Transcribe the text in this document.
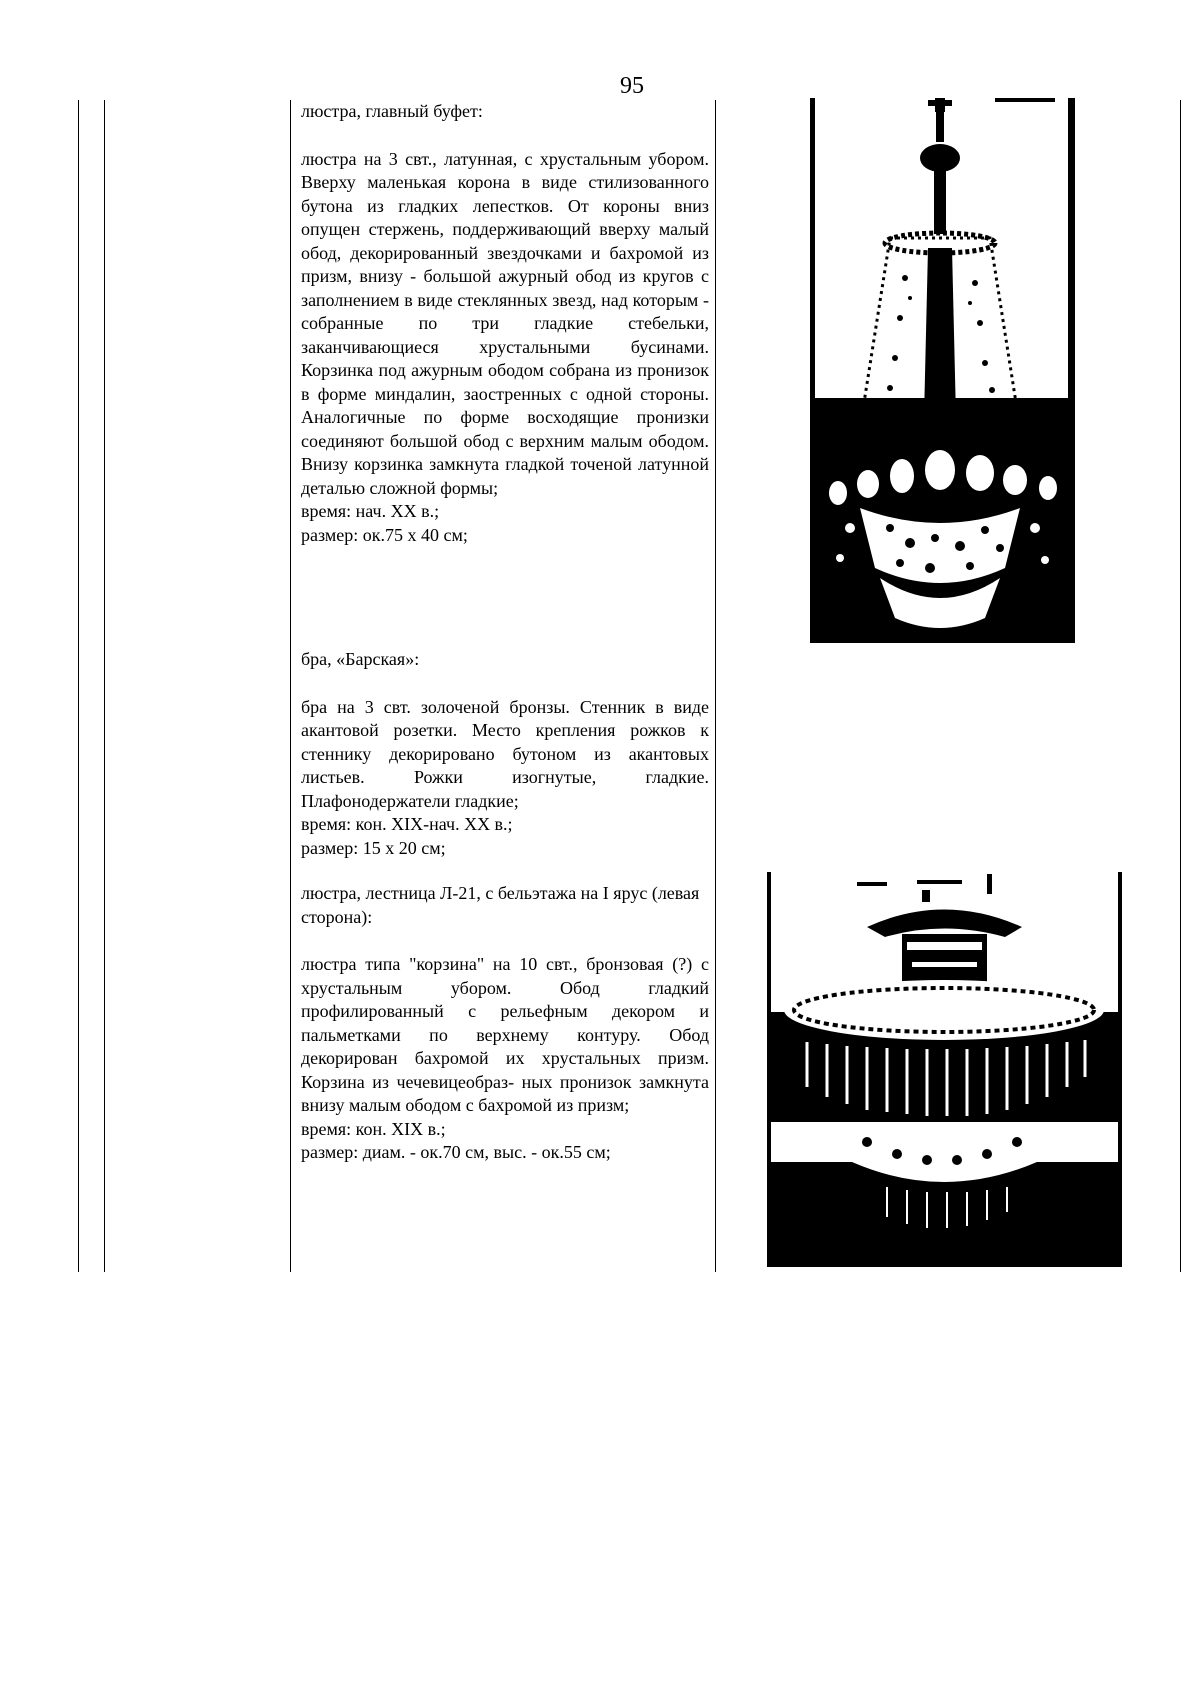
95

люстра, главный буфет:

люстра на 3 свт., латунная, с хрустальным убором. Вверху маленькая корона в виде стилизованного бутона из гладких лепестков. От короны вниз опущен стержень, поддерживающий вверху малый обод, декорированный звездочками и бахромой из призм, внизу - большой ажурный обод из кругов с заполнением в виде стеклянных звезд, над которым - собранные по три гладкие стебельки, заканчивающиеся хрустальными бусинами. Корзинка под ажурным ободом собрана из пронизок в форме миндалин, заостренных с одной стороны. Аналогичные по форме восходящие пронизки соединяют большой обод с верхним малым ободом. Внизу корзинка замкнута гладкой точеной латунной деталью сложной формы;

время: нач. XX в.;

размер: ок.75 х 40 см;

бра, «Барская»:

бра на 3 свт. золоченой бронзы. Стенник в виде акантовой розетки. Место крепления рожков к стеннику декорировано бутоном из акантовых листьев. Рожки изогнутые, гладкие. Плафонодержатели гладкие;

время: кон. XIX-нач. XX в.;

размер: 15 х 20 см;

люстра, лестница Л-21, с бельэтажа на I ярус (левая сторона):

люстра типа "корзина" на 10 свт., бронзовая (?) с хрустальным убором. Обод гладкий профилированный с рельефным декором и пальметками по верхнему контуру. Обод декорирован бахромой их хрустальных призм. Корзина из чечевицеобраз- ных пронизок замкнута внизу малым ободом с бахромой из призм;

время: кон. XIX в.;

размер: диам. - ок.70 см, выс. - ок.55 см;
